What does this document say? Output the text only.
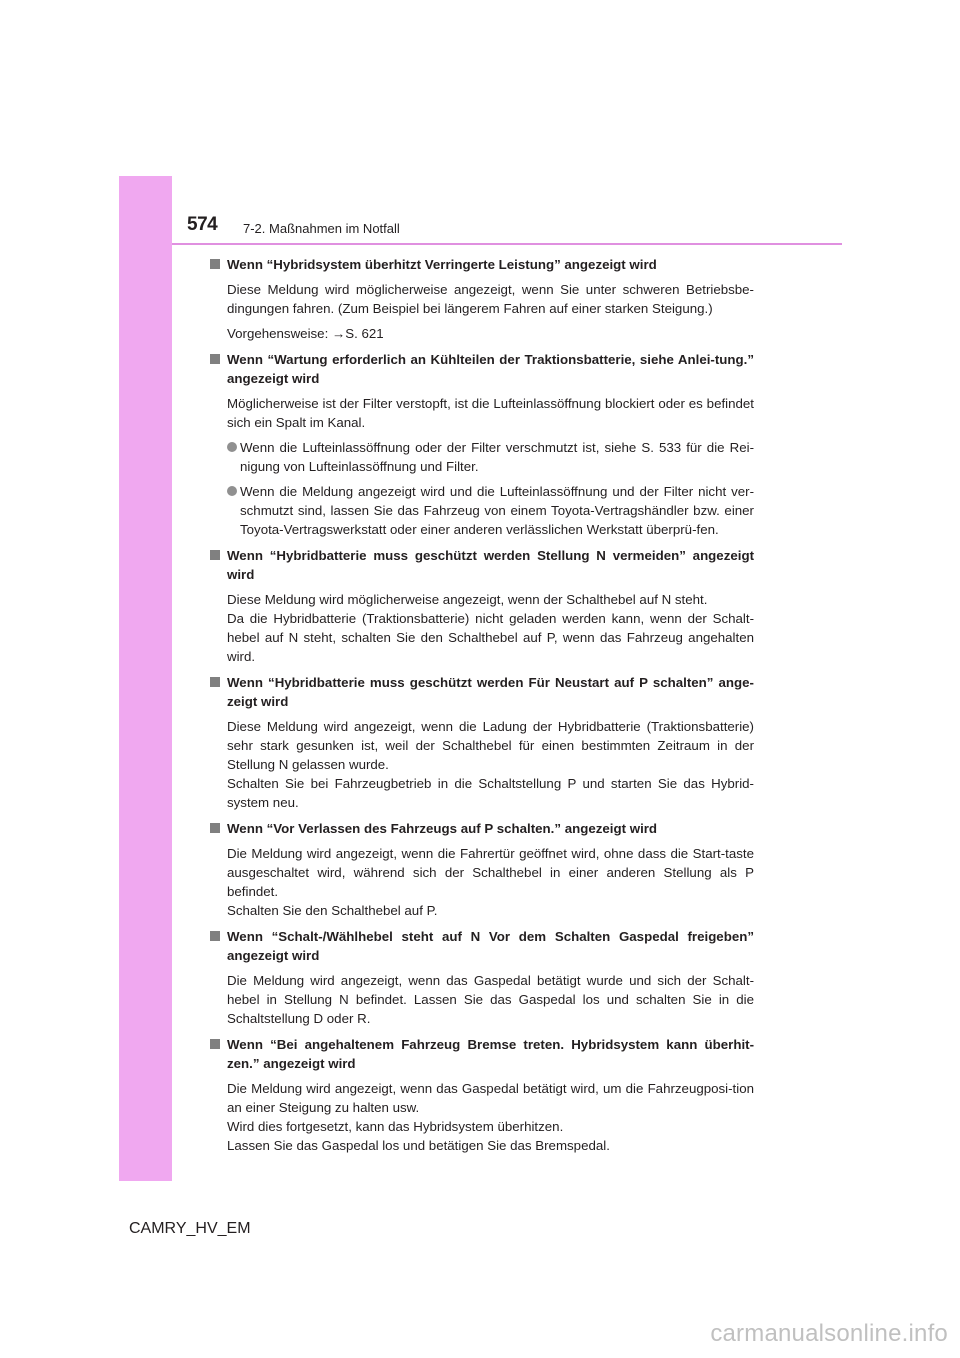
574 7-2. Maßnahmen im Notfall

Wenn “Hybridsystem überhitzt Verringerte Leistung” angezeigt wird

Diese Meldung wird möglicherweise angezeigt, wenn Sie unter schweren Betriebsbe-dingungen fahren. (Zum Beispiel bei längerem Fahren auf einer starken Steigung.)
Vorgehensweise: →S. 621

Wenn “Wartung erforderlich an Kühlteilen der Traktionsbatterie, siehe Anlei-tung.” angezeigt wird

Möglicherweise ist der Filter verstopft, ist die Lufteinlassöffnung blockiert oder es befindet sich ein Spalt im Kanal.
Wenn die Lufteinlassöffnung oder der Filter verschmutzt ist, siehe S. 533 für die Rei-nigung von Lufteinlassöffnung und Filter.
Wenn die Meldung angezeigt wird und die Lufteinlassöffnung und der Filter nicht ver-schmutzt sind, lassen Sie das Fahrzeug von einem Toyota-Vertragshändler bzw. einer Toyota-Vertragswerkstatt oder einer anderen verlässlichen Werkstatt überprü-fen.

Wenn “Hybridbatterie muss geschützt werden Stellung N vermeiden” angezeigt wird

Diese Meldung wird möglicherweise angezeigt, wenn der Schalthebel auf N steht.
Da die Hybridbatterie (Traktionsbatterie) nicht geladen werden kann, wenn der Schalt-hebel auf N steht, schalten Sie den Schalthebel auf P, wenn das Fahrzeug angehalten wird.

Wenn “Hybridbatterie muss geschützt werden Für Neustart auf P schalten” ange-zeigt wird

Diese Meldung wird angezeigt, wenn die Ladung der Hybridbatterie (Traktionsbatterie) sehr stark gesunken ist, weil der Schalthebel für einen bestimmten Zeitraum in der Stellung N gelassen wurde.
Schalten Sie bei Fahrzeugbetrieb in die Schaltstellung P und starten Sie das Hybrid-system neu.

Wenn “Vor Verlassen des Fahrzeugs auf P schalten.” angezeigt wird

Die Meldung wird angezeigt, wenn die Fahrertür geöffnet wird, ohne dass die Start-taste ausgeschaltet wird, während sich der Schalthebel in einer anderen Stellung als P befindet.
Schalten Sie den Schalthebel auf P.

Wenn “Schalt-/Wählhebel steht auf N Vor dem Schalten Gaspedal freigeben” angezeigt wird

Die Meldung wird angezeigt, wenn das Gaspedal betätigt wurde und sich der Schalt-hebel in Stellung N befindet. Lassen Sie das Gaspedal los und schalten Sie in die Schaltstellung D oder R.

Wenn “Bei angehaltenem Fahrzeug Bremse treten. Hybridsystem kann überhit-zen.” angezeigt wird

Die Meldung wird angezeigt, wenn das Gaspedal betätigt wird, um die Fahrzeugposi-tion an einer Steigung zu halten usw.
Wird dies fortgesetzt, kann das Hybridsystem überhitzen.
Lassen Sie das Gaspedal los und betätigen Sie das Bremspedal.
CAMRY_HV_EM
carmanualsonline.info
